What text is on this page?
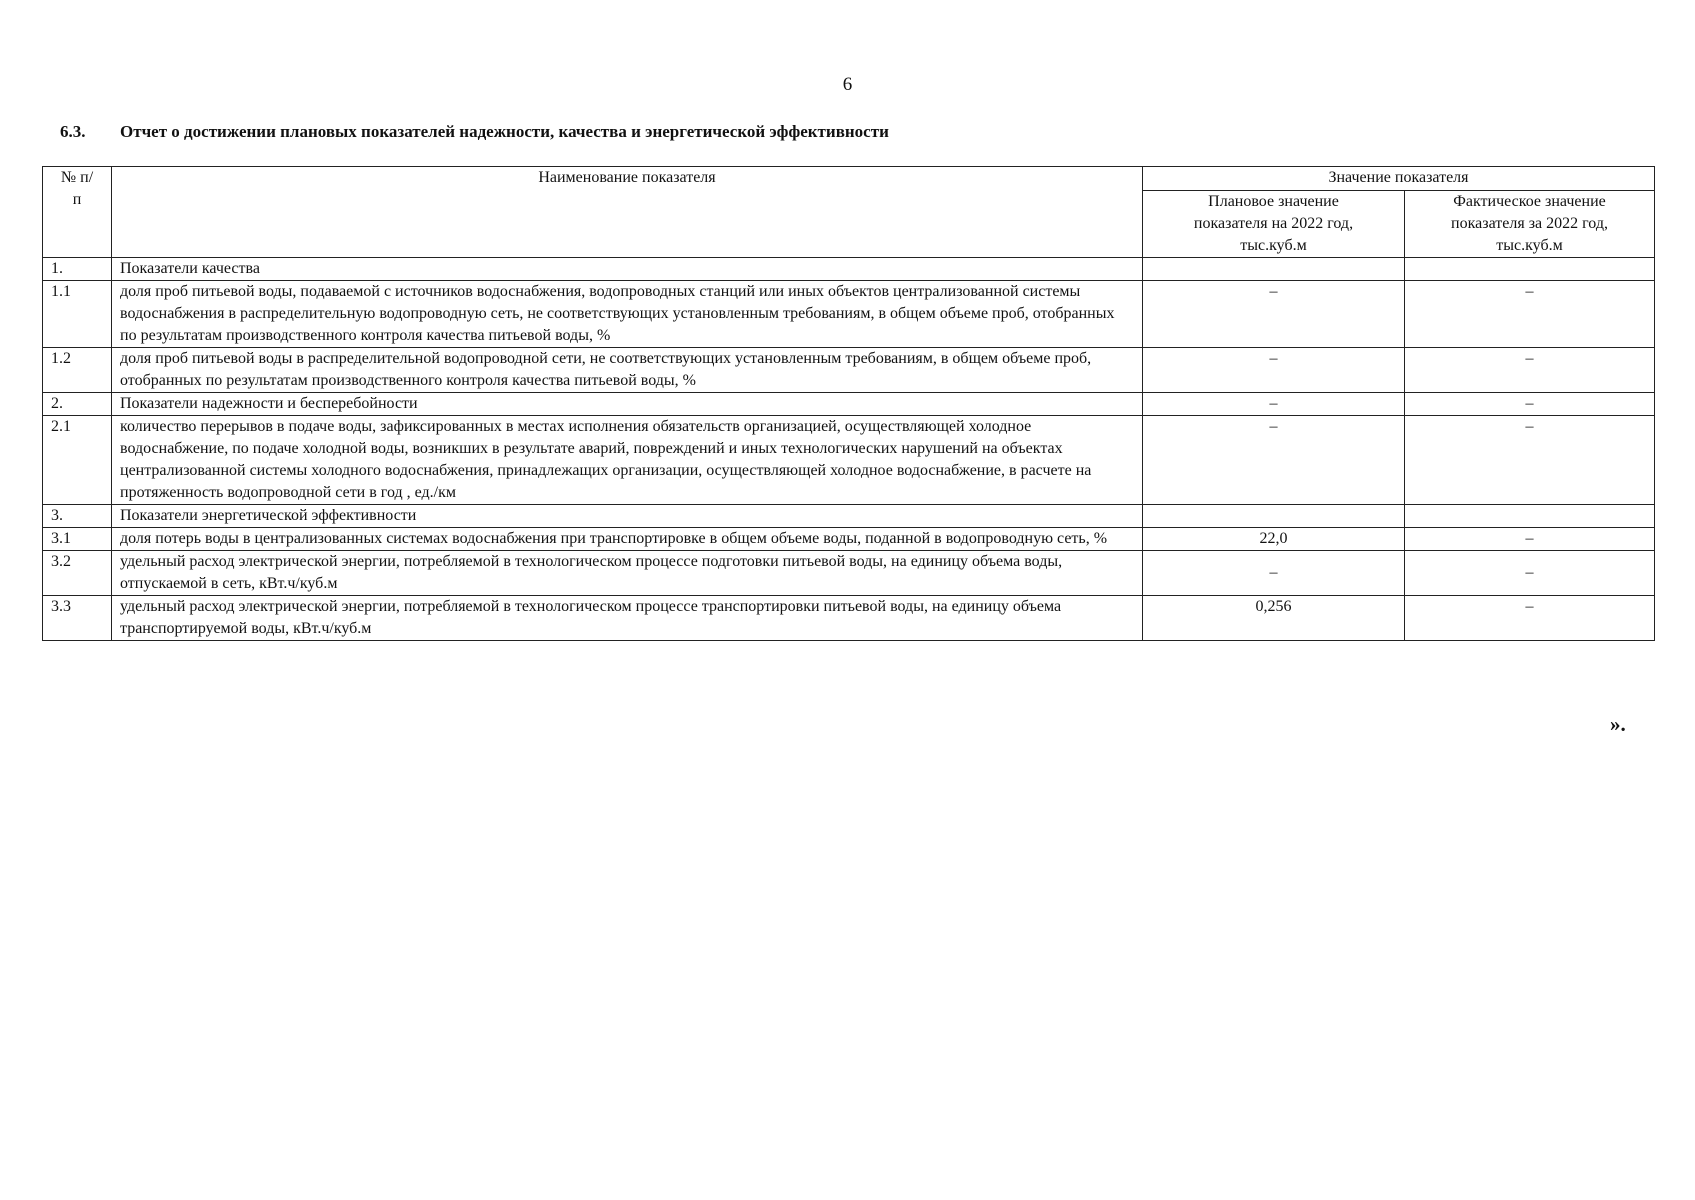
6
6.3. Отчет о достижении плановых показателей надежности, качества и энергетической эффективности
№ п/п	Наименование показателя	Значение показателя	
		Плановое значение показателя на 2022 год, тыс.куб.м	Фактическое значение показателя за 2022 год, тыс.куб.м
1.	Показатели качества		
1.1	доля проб питьевой воды, подаваемой с источников водоснабжения, водопроводных станций или иных объектов централизованной системы водоснабжения в распределительную водопроводную сеть, не соответствующих установленным требованиям, в общем объеме проб, отобранных по результатам производственного контроля качества питьевой воды, %	–	–
1.2	доля проб питьевой воды в распределительной водопроводной сети, не соответствующих установленным требованиям, в общем объеме проб, отобранных по результатам производственного контроля качества питьевой воды, %	–	–
2.	Показатели надежности и бесперебойности	–	–
2.1	количество перерывов в подаче воды, зафиксированных в местах исполнения обязательств организацией, осуществляющей холодное водоснабжение, по подаче холодной воды, возникших в результате аварий, повреждений и иных технологических нарушений на объектах централизованной системы холодного водоснабжения, принадлежащих организации, осуществляющей холодное водоснабжение, в расчете на протяженность водопроводной сети в год , ед./км	–	–
3.	Показатели энергетической эффективности		
3.1	доля потерь воды в централизованных системах водоснабжения при транспортировке в общем объеме воды, поданной в водопроводную сеть, %	22,0	–
3.2	удельный расход электрической энергии, потребляемой в технологическом процессе подготовки питьевой воды, на единицу объема воды, отпускаемой в сеть, кВт.ч/куб.м	–	–
3.3	удельный расход электрической энергии, потребляемой в технологическом процессе транспортировки питьевой воды, на единицу объема транспортируемой воды, кВт.ч/куб.м	0,256	–
».
